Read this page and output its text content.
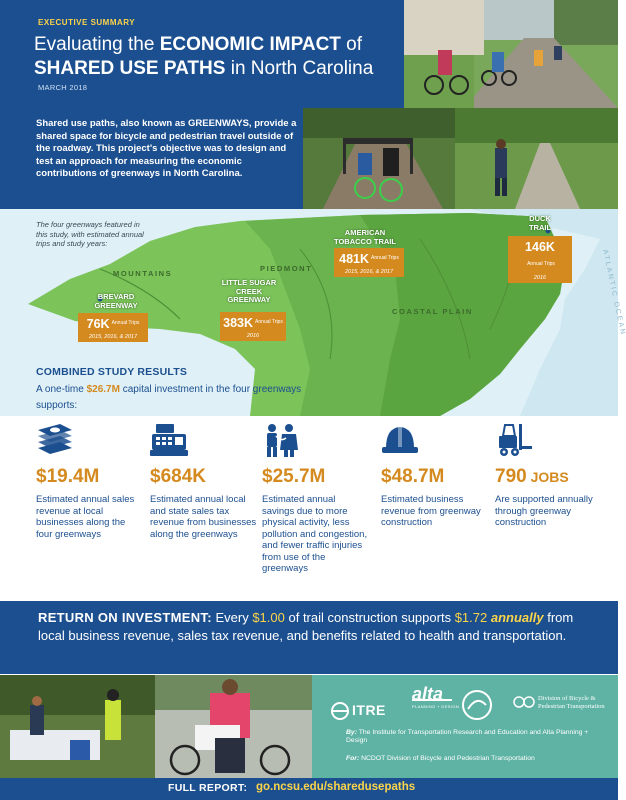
EXECUTIVE SUMMARY
Evaluating the ECONOMIC IMPACT of
SHARED USE PATHS in North Carolina
MARCH 2018

Shared use paths, also known as GREENWAYS, provide a shared space for bicycle and pedestrian travel outside of the roadway. This project's objective was to design and test an approach for measuring the economic contributions of greenways in North Carolina.

The four greenways featured in this study, with estimated annual trips and study years:
MOUNTAINS
PIEDMONT
COASTAL PLAIN	ATLANTIC OCEAN
BREVARD GREENWAY
76K Annual Trips
2015, 2016, & 2017
LITTLE SUGAR CREEK GREENWAY
383K Annual Trips
2016
AMERICAN TOBACCO TRAIL
481K Annual Trips
2015, 2016, & 2017
DUCK TRAIL
146KAnnual Trips
2016
COMBINED STUDY RESULTS
A one-time $26.7M capital investment in the four greenways supports:
$19.4M
Estimated annual sales revenue at local businesses along the four greenways
$684K
Estimated annual local and state sales tax revenue from businesses along the greenways
$25.7M
Estimated annual savings due to more physical activity, less pollution and congestion, and fewer traffic injuries from use of the greenways
$48.7M
Estimated business revenue from greenway construction
790 JOBS
Are supported annually through greenway construction

RETURN ON INVESTMENT: Every $1.00 of trail construction supports $1.72 annually from local business revenue, sales tax revenue, and benefits related to health and transportation.

ITRE
alta
PLANNING + DESIGN
Division of Bicycle & Pedestrian Transportation
By: The Institute for Transportation Research and Education and Alta Planning + Design
For: NCDOT Division of Bicycle and Pedestrian Transportation
FULL REPORT: go.ncsu.edu/sharedusepaths
